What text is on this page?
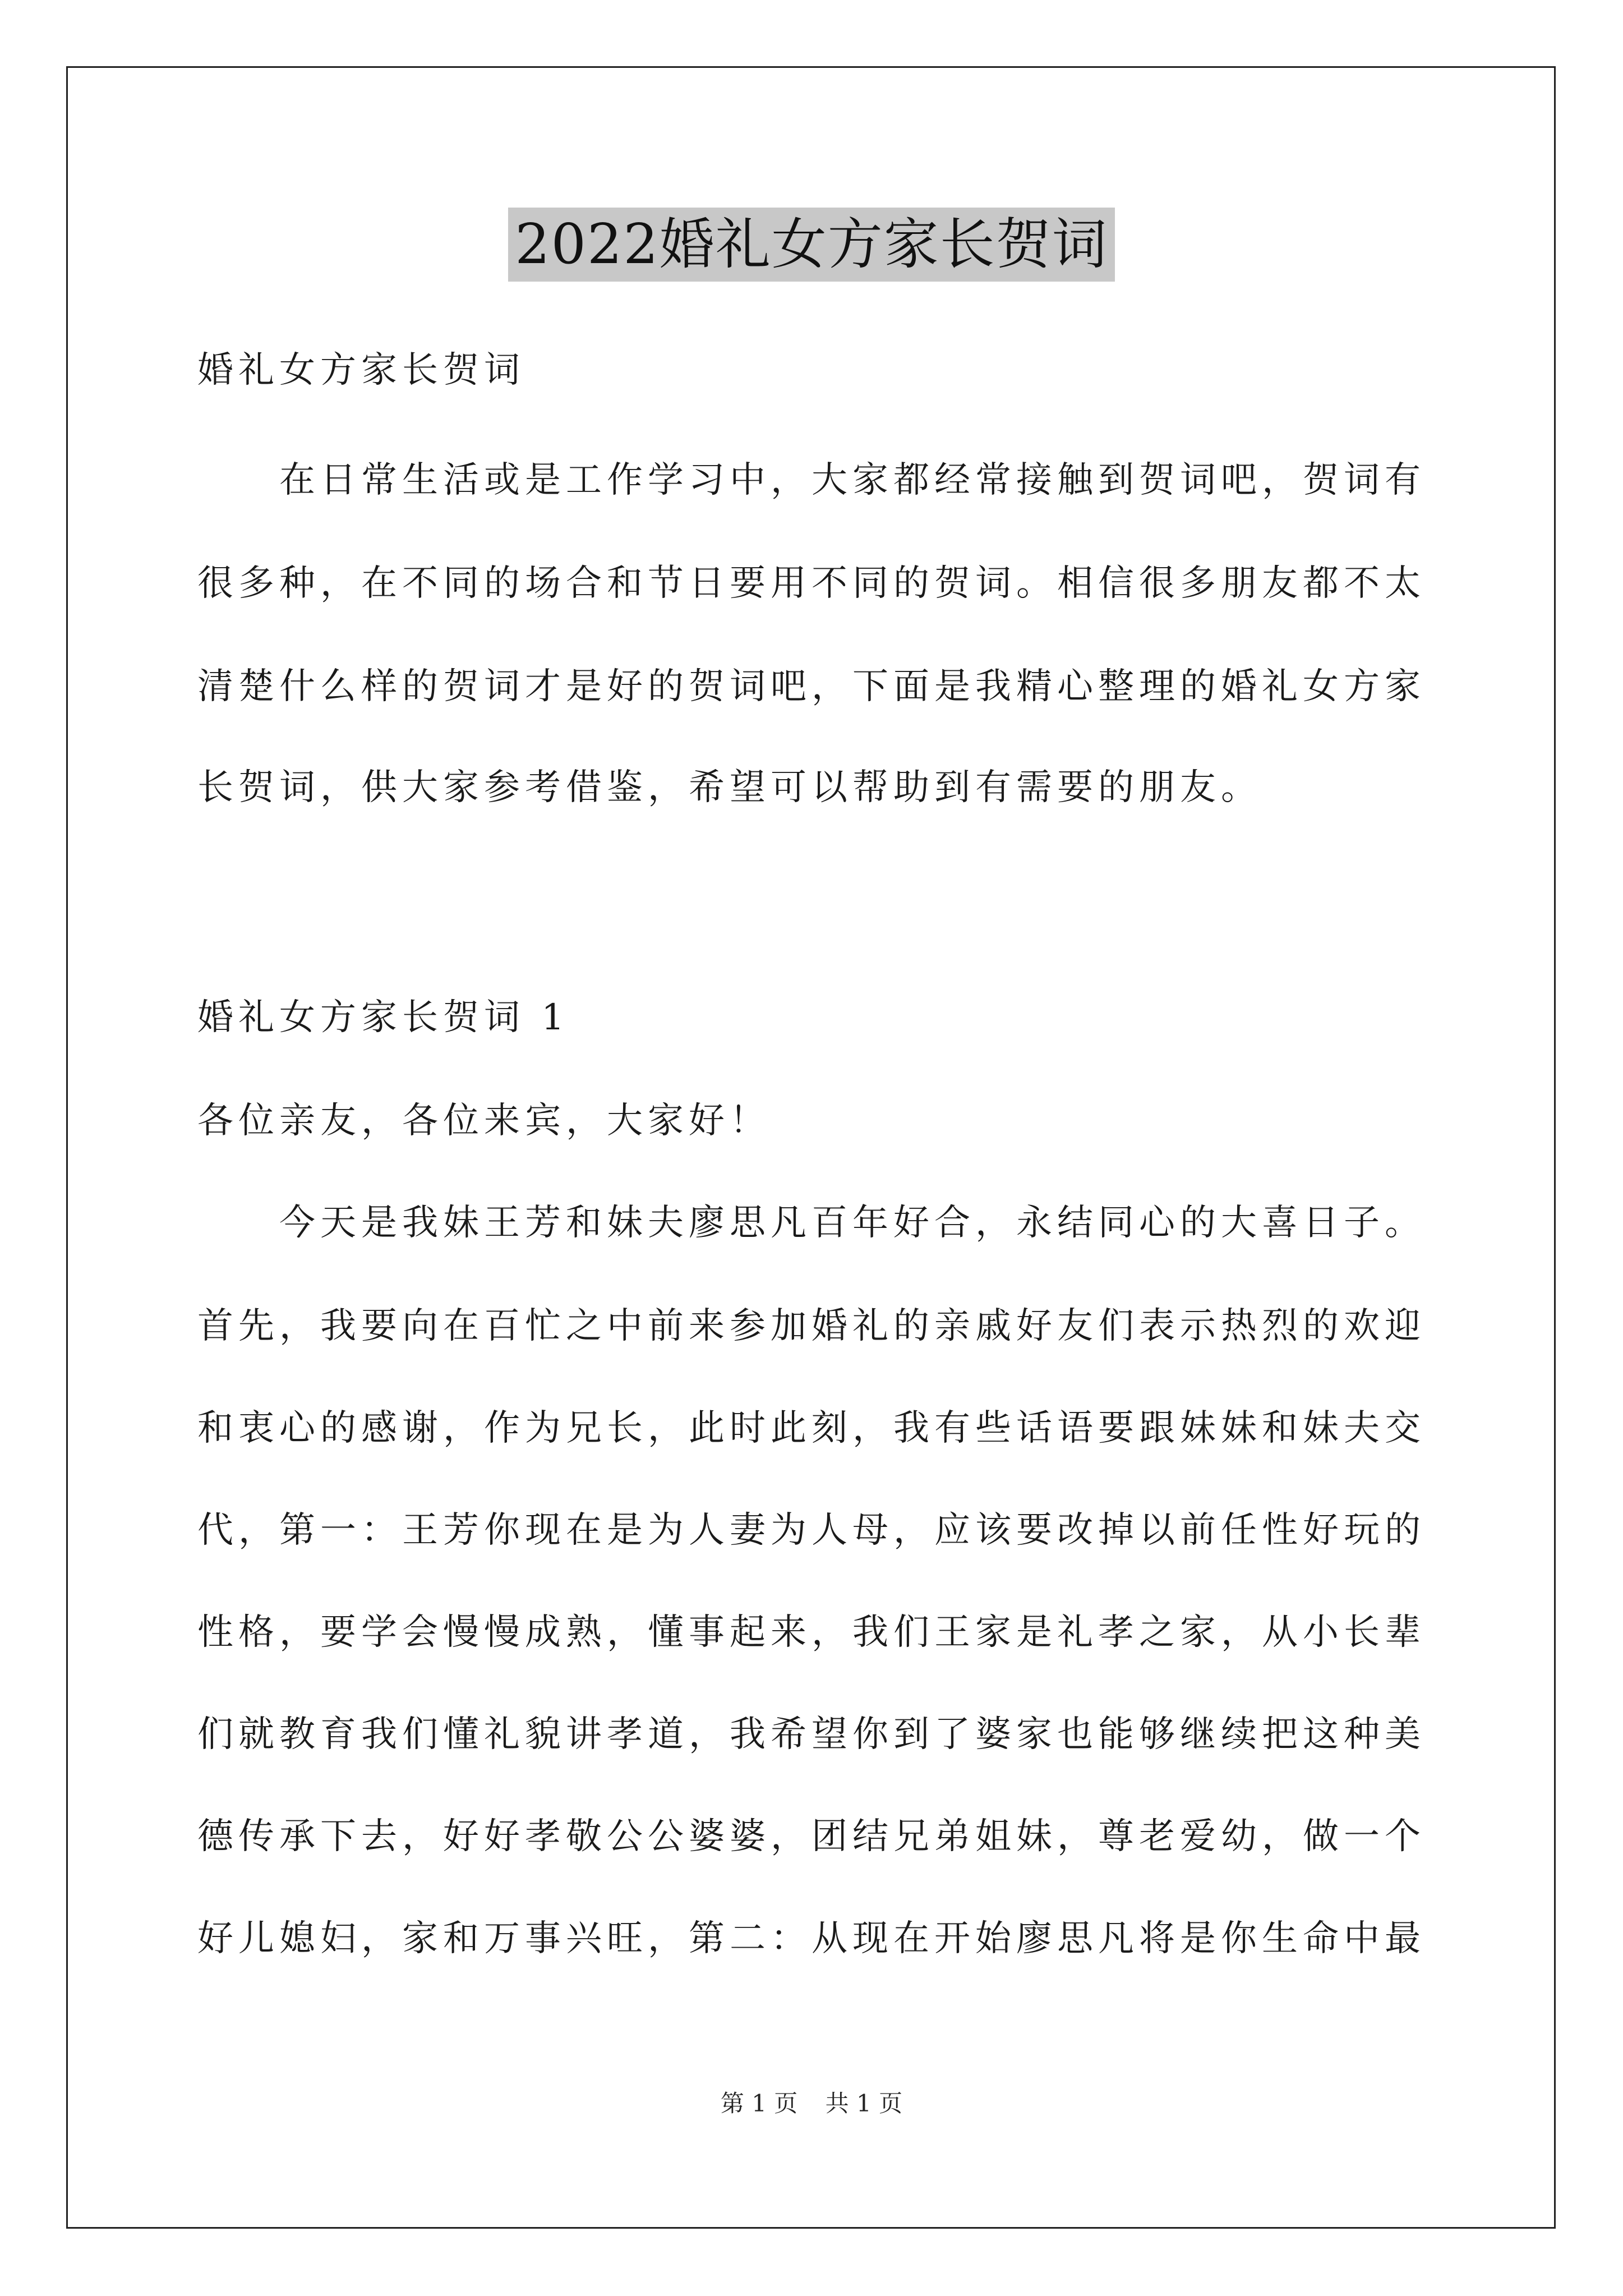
2022婚礼女方家长贺词
婚礼女方家长贺词
　　在日常生活或是工作学习中，大家都经常接触到贺词吧，贺词有
很多种，在不同的场合和节日要用不同的贺词。相信很多朋友都不太
清楚什么样的贺词才是好的贺词吧，下面是我精心整理的婚礼女方家
长贺词，供大家参考借鉴，希望可以帮助到有需要的朋友。
婚礼女方家长贺词 1
各位亲友，各位来宾，大家好！
　　今天是我妹王芳和妹夫廖思凡百年好合，永结同心的大喜日子。
首先，我要向在百忙之中前来参加婚礼的亲戚好友们表示热烈的欢迎
和衷心的感谢，作为兄长，此时此刻，我有些话语要跟妹妹和妹夫交
代，第一：王芳你现在是为人妻为人母，应该要改掉以前任性好玩的
性格，要学会慢慢成熟，懂事起来，我们王家是礼孝之家，从小长辈
们就教育我们懂礼貌讲孝道，我希望你到了婆家也能够继续把这种美
德传承下去，好好孝敬公公婆婆，团结兄弟姐妹，尊老爱幼，做一个
好儿媳妇，家和万事兴旺，第二：从现在开始廖思凡将是你生命中最
第 1 页 共 1 页
